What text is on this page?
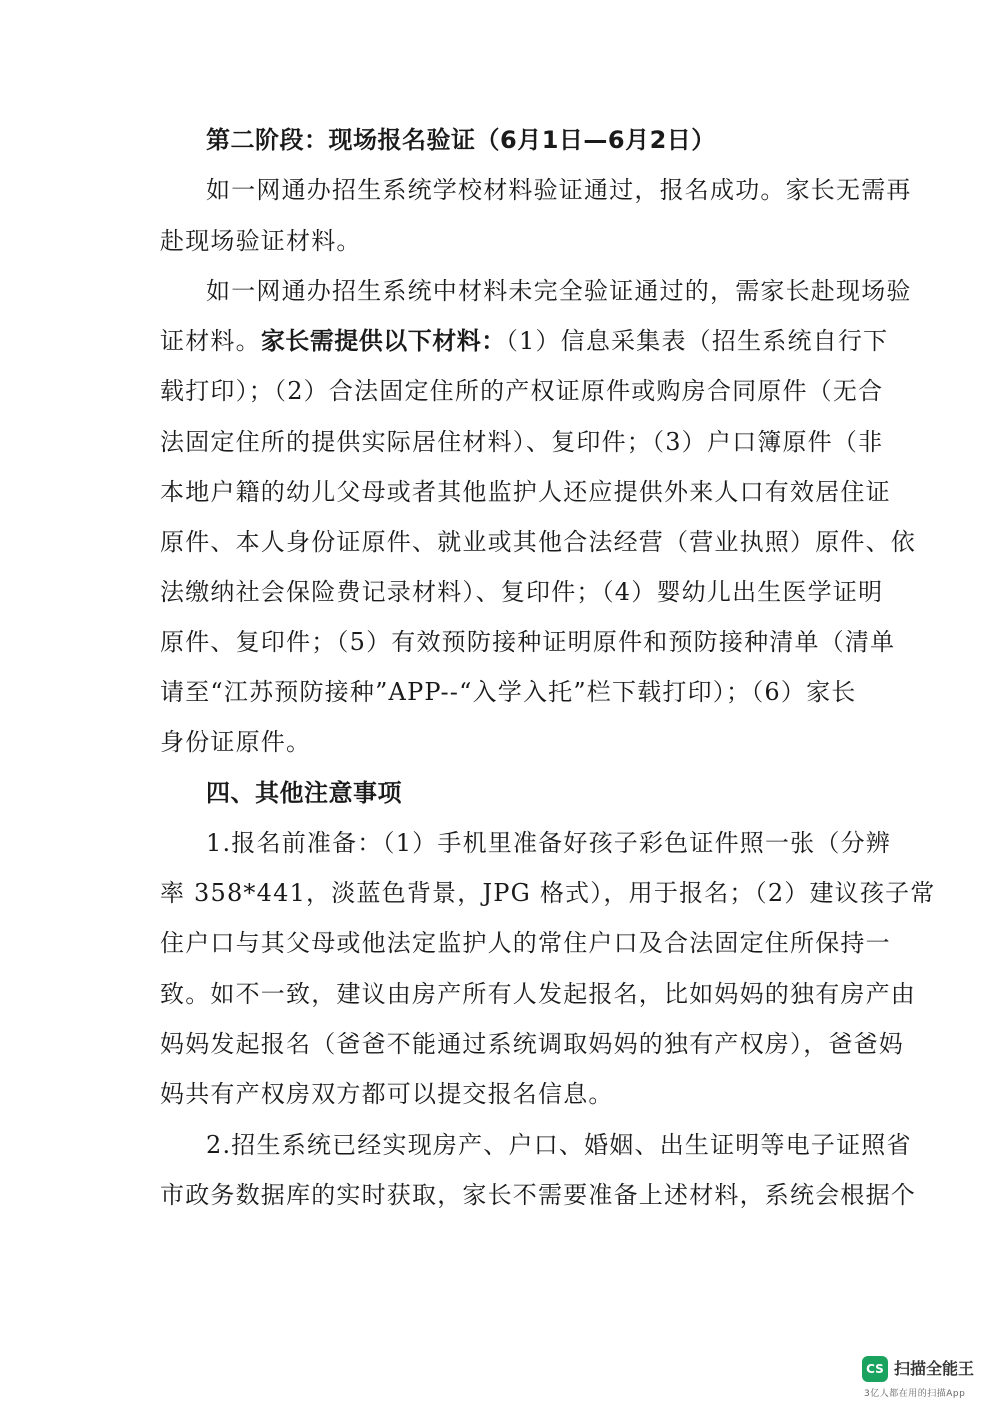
第二阶段：现场报名验证（6月1日—6月2日）
如一网通办招生系统学校材料验证通过，报名成功。家长无需再
赴现场验证材料。
如一网通办招生系统中材料未完全验证通过的，需家长赴现场验
证材料。家长需提供以下材料：（1）信息采集表（招生系统自行下
载打印）；（2）合法固定住所的产权证原件或购房合同原件（无合
法固定住所的提供实际居住材料）、复印件；（3）户口簿原件（非
本地户籍的幼儿父母或者其他监护人还应提供外来人口有效居住证
原件、本人身份证原件、就业或其他合法经营（营业执照）原件、依
法缴纳社会保险费记录材料）、复印件；（4）婴幼儿出生医学证明
原件、复印件；（5）有效预防接种证明原件和预防接种清单（清单
请至“江苏预防接种”APP--“入学入托”栏下载打印）；（6）家长
身份证原件。
四、其他注意事项
1.报名前准备：（1）手机里准备好孩子彩色证件照一张（分辨
率 358*441，淡蓝色背景，JPG 格式），用于报名；（2）建议孩子常
住户口与其父母或他法定监护人的常住户口及合法固定住所保持一
致。如不一致，建议由房产所有人发起报名，比如妈妈的独有房产由
妈妈发起报名（爸爸不能通过系统调取妈妈的独有产权房），爸爸妈
妈共有产权房双方都可以提交报名信息。
2.招生系统已经实现房产、户口、婚姻、出生证明等电子证照省
市政务数据库的实时获取，家长不需要准备上述材料，系统会根据个
CS 扫描全能王
3亿人都在用的扫描App
